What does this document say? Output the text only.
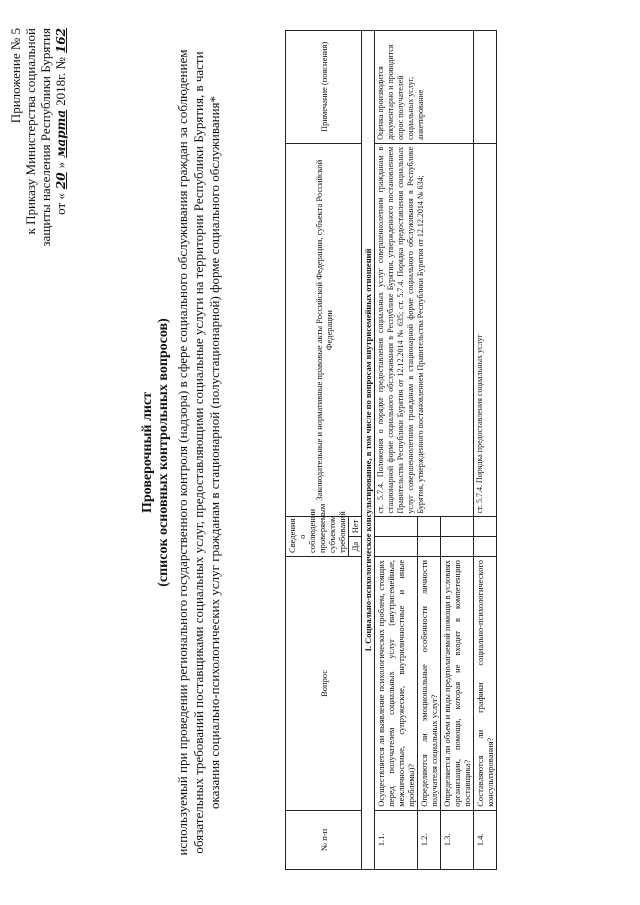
Приложение № 5 к Приказу Министерства социальной защиты населения Республики Бурятия от «
20
»
марта
2018г. №
162
Проверочный лист (список основных контрольных вопросов) используемый при проведении регионального государственного контроля (надзора) в сфере социального обслуживания граждан за соблюдением обязательных требований поставщиками социальных услуг, предоставляющими социальные услуги на территории Республики Бурятия, в части оказания социально-психологических услуг гражданам в стационарной (полустационарной) форме социального обслуживания*
№ п-п	Вопрос	Сведения о соблюдении проверяемым субъектом требований		Законодательные и нормативные правовые акты Российской Федерации, субъекта Российской Федерации	Примечание (пояснения)
		Да	Нет		
I. Социально-психологическое консультирование, в том числе по вопросам внутрисемейных отношений					
1.1.	Осуществляется ли выявление психологических проблем, стоящих перед получателем социальных услуг (внутрисемейные, межличностные, супружеские, внутриличностные и иные проблемы)?			ст. 5.7.4. Положения о порядке предоставления социальных услуг совершеннолетним гражданам в стационарной форме социального обслуживания в Республике Бурятия, утвержденного постановлением Правительства Республики Бурятия от 12.12.2014 № 635; ст. 5.7.4. Порядка предоставления социальных услуг совершеннолетним гражданам в стационарной форме социального обслуживания в Республике Бурятия, утвержденного постановлением Правительства Республики Бурятия от 12.12.2014 № 634;	Оценка производится документарно и проводится опрос получателей социальных услуг, анкетирование
1.2.	Определяются ли эмоциональные особенности личности получателя социальных услуг?				
1.3.	Определяется ли объем и виды предполагаемой помощи в условиях организации, помощи, которая не входит в компетенцию поставщика?				
1.4.	Составляются ли графики социально-психологического консультирования?			ст. 5.7.4. Порядка предоставления социальных услуг	
